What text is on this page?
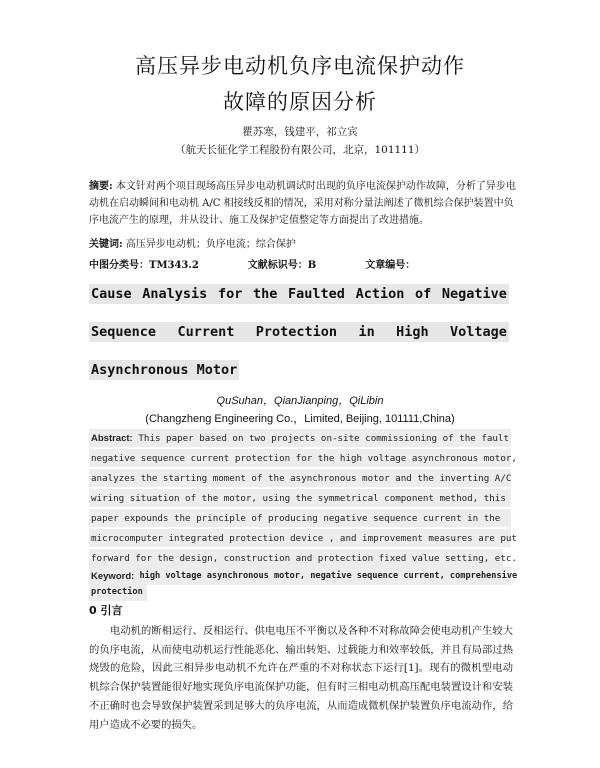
高压异步电动机负序电流保护动作
故障的原因分析
瞿苏寒，钱建平，祁立宾
（航天长征化学工程股份有限公司，北京，101111）
摘要: 本文针对两个项目现场高压异步电动机调试时出现的负序电流保护动作故障，分析了异步电动机在启动瞬间和电动机 A/C 相接线反相的情况，采用对称分量法阐述了微机综合保护装置中负序电流产生的原理，并从设计、施工及保护定值整定等方面提出了改进措施。
关键词: 高压异步电动机；负序电流；综合保护
中图分类号：TM343.2	文献标识号：B	文章编号：
Cause Analysis for the Faulted Action of Negative
Sequence Current Protection in High Voltage
Asynchronous Motor
QuSuhan，QianJianping，QiLibin
(Changzheng Engineering Co.，Limited, Beijing, 101111,China)
Abstract: This paper based on two projects on-site commissioning of the fault
negative sequence current protection for the high voltage asynchronous motor,
analyzes the starting moment of the asynchronous motor and the inverting A/C
wiring situation of the motor, using the symmetrical component method, this
paper expounds the principle of producing negative sequence current in the
microcomputer integrated protection device , and improvement measures are put
forward for the design, construction and protection fixed value setting, etc.
Keyword:
high voltage asynchronous motor, negative sequence current, comprehensive
protection
0 引言
电动机的断相运行、反相运行、供电电压不平衡以及各种不对称故障会使电动机产生较大的负序电流，从而使电动机运行性能恶化、输出转矩、过载能力和效率较低，并且有局部过热烧毁的危险，因此三相异步电动机不允许在严重的不对称状态下运行[1]。现有的微机型电动机综合保护装置能很好地实现负序电流保护功能，但有时三相电动机高压配电装置设计和安装不正确时也会导致保护装置采到足够大的负序电流，从而造成微机保护装置负序电流动作，给用户造成不必要的损失。
